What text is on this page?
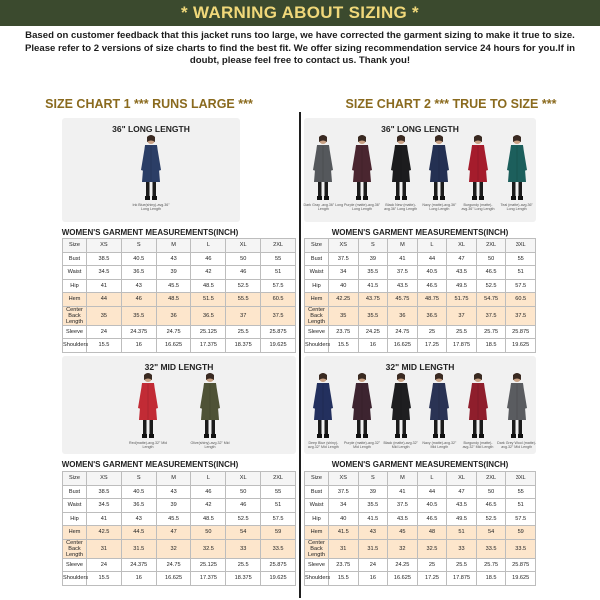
* WARNING ABOUT SIZING *
Based on customer feedback that this jacket runs too large, we have corrected the garment sizing to make it true to size. Please refer to 2 versions of size charts to find the best fit. We offer sizing recommendation service 24 hours for you.If in doubt, please feel free to contact us. Thank you!
SIZE CHART 1 *** RUNS LARGE ***	SIZE CHART 2 *** TRUE TO SIZE ***
36" LONG LENGTH
Ink Blue(shiny)-avg.36" Long Length
WOMEN'S GARMENT MEASUREMENTS(INCH)
Size	XS	S	M	L	XL	2XL
Bust	38.5	40.5	43	46	50	55
Waist	34.5	36.5	39	42	46	51
Hip	41	43	45.5	48.5	52.5	57.5
Hem	44	46	48.5	51.5	55.5	60.5
Center Back Length	35	35.5	36	36.5	37	37.5
Sleeve	24	24.375	24.75	25.125	25.5	25.875
Shoulders	15.5	16	16.625	17.375	18.375	19.625
32" MID LENGTH
Red(matte)-avg.32" Mid Length
Olive(shiny)-avg.32" Mid Length
WOMEN'S GARMENT MEASUREMENTS(INCH)
Size	XS	S	M	L	XL	2XL
Bust	38.5	40.5	43	46	50	55
Waist	34.5	36.5	39	42	46	51
Hip	41	43	45.5	48.5	52.5	57.5
Hem	42.5	44.5	47	50	54	59
Center Back Length	31	31.5	32	32.5	33	33.5
Sleeve	24	24.375	24.75	25.125	25.5	25.875
Shoulders	15.5	16	16.625	17.375	18.375	19.625
36" LONG LENGTH
Dark Gray -avg.36" Long Length
Purple (matte)-avg.36" Long Length
Black New (matte)-avg.36" Long Length
Navy (matte)-avg.36" Long Length
Burgundy (matte)-avg.36" Long Length
Teal (matte)-avg.36" Long Length
WOMEN'S GARMENT MEASUREMENTS(INCH)
Size	XS	S	M	L	XL	2XL	3XL
Bust	37.5	39	41	44	47	50	55
Waist	34	35.5	37.5	40.5	43.5	46.5	51
Hip	40	41.5	43.5	46.5	49.5	52.5	57.5
Hem	42.25	43.75	45.75	48.75	51.75	54.75	60.5
Center Back Length	35	35.5	36	36.5	37	37.5	37.5
Sleeve	23.75	24.25	24.75	25	25.5	25.75	25.875
Shoulders	15.5	16	16.625	17.25	17.875	18.5	19.625
32" MID LENGTH
Deep Blue (shiny)-avg.32" Mid Length
Purple (matte)-avg.32" Mid Length
Black (matte)-avg.32" Mid Length
Navy (matte)-avg.32" Mid Length
Burgundy (matte)-avg.32" Mid Length
Dark Grey Wool (matte)-avg.32" Mid Length
WOMEN'S GARMENT MEASUREMENTS(INCH)
Size	XS	S	M	L	XL	2XL	3XL
Bust	37.5	39	41	44	47	50	55
Waist	34	35.5	37.5	40.5	43.5	46.5	51
Hip	40	41.5	43.5	46.5	49.5	52.5	57.5
Hem	41.5	43	45	48	51	54	59
Center Back Length	31	31.5	32	32.5	33	33.5	33.5
Sleeve	23.75	24	24.25	25	25.5	25.75	25.875
Shoulders	15.5	16	16.625	17.25	17.875	18.5	19.625
